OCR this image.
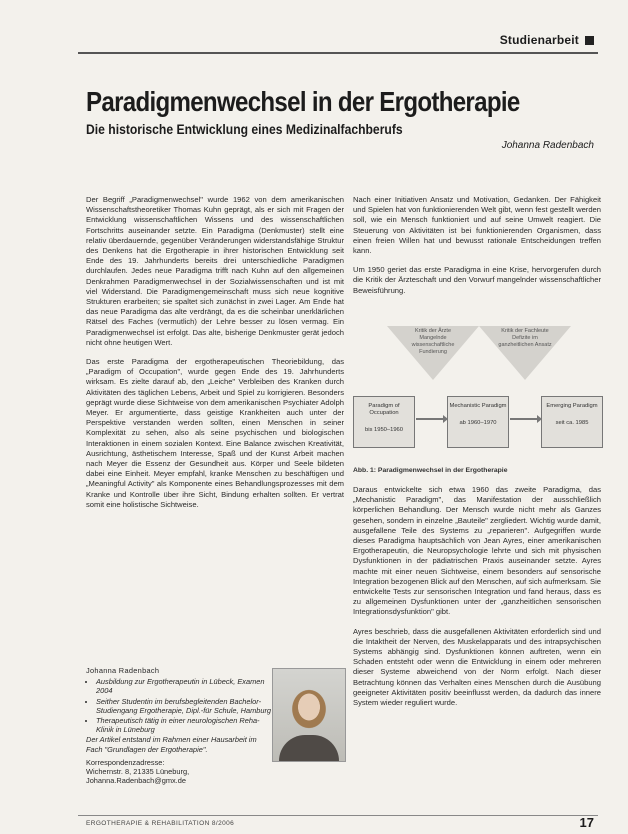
Studienarbeit
Paradigmenwechsel in der Ergotherapie
Die historische Entwicklung eines Medizinalfachberufs
Johanna Radenbach

Der Begriff „Paradigmenwechsel" wurde 1962 von dem amerikanischen Wissenschaftstheoretiker Thomas Kuhn geprägt, als er sich mit Fragen der Entwicklung wissenschaftlichen Wissens und des wissenschaftlichen Fortschritts auseinander setzte. Ein Paradigma (Denkmuster) stellt eine relativ überdauernde, gegenüber Veränderungen widerstandsfähige Struktur des Denkens hat die Ergotherapie in ihrer historischen Entwicklung seit Ende des 19. Jahrhunderts bereits drei unterschiedliche Paradigmen durchlaufen. Jedes neue Paradigma trifft nach Kuhn auf den allgemeinen Denkrahmen Paradigmenwechsel in der Sozialwissenschaften und ist mit viel Widerstand. Die Paradigmengemeinschaft muss sich neue kognitive Strukturen erarbeiten; sie spaltet sich zunächst in zwei Lager. Am Ende hat das neue Paradigma das alte verdrängt, da es die scheinbar unerklärlichen Rätsel des Faches (vermutlich) der Lehre besser zu lösen vermag. Ein Paradigmenwechsel ist erfolgt. Das alte, bisherige Denkmuster gerät jedoch nicht ohne heutigen Wert.

Das erste Paradigma der ergotherapeutischen Theoriebildung, das „Paradigm of Occupation", wurde gegen Ende des 19. Jahrhunderts wirksam. Es zielte darauf ab, den „Leiche" Verbleiben des Kranken durch Aktivitäten des täglichen Lebens, Arbeit und Spiel zu korrigieren. Besonders geprägt wurde diese Sichtweise von dem amerikanischen Psychiater Adolph Meyer. Er argumentierte, dass geistige Krankheiten auch unter der Perspektive verstanden werden sollten, einen Menschen in seiner Komplexität zu sehen, also als seine psychischen und biologischen Interaktionen in einem sozialen Kontext. Eine Balance zwischen Kreativität, Ausrichtung, ästhetischem Interesse, Spaß und der Kunst Arbeit machen nach Meyer die Essenz der Gesundheit aus. Körper und Seele bildeten dabei eine Einheit. Meyer empfahl, kranke Menschen zu beschäftigen und „Meaningful Activity" als Komponente eines Behandlungsprozesses mit dem Kranke und Kontrolle über ihre Sicht, Bindung erhalten sollten. Er vertrat somit eine holistische Sichtweise.

Nach einer Initiativen Ansatz und Motivation, Gedanken. Der Fähigkeit und Spielen hat von funktionierenden Welt gibt, wenn fest gestellt werden soll, wie ein Mensch funktioniert und auf seine Umwelt reagiert. Die Steuerung von Aktivitäten ist bei funktionierenden Organismen, dass einen freien Willen hat und bewusst rationale Entscheidungen treffen kann.

Um 1950 geriet das erste Paradigma in eine Krise, hervorgerufen durch die Kritik der Ärzteschaft und den Vorwurf mangelnder wissenschaftlicher Beweisführung.

Kritik der Ärzte Mangelnde wissenschaftliche Fundierung
Kritik der Fachleute Defizite im ganzheitlichen Ansatz
Paradigm of Occupation
bis 1950–1960
Mechanistic Paradigm
ab 1960–1970
Emerging Paradigm
seit ca. 1985
Abb. 1: Paradigmenwechsel in der Ergotherapie

Daraus entwickelte sich etwa 1960 das zweite Paradigma, das „Mechanistic Paradigm", das Manifestation der ausschließlich körperlichen Behandlung. Der Mensch wurde nicht mehr als Ganzes gesehen, sondern in einzelne „Bauteile" zergliedert. Wichtig wurde damit, ausgefallene Teile des Systems zu „reparieren". Aufgegriffen wurde dieses Paradigma hauptsächlich von Jean Ayres, einer amerikanischen Ergotherapeutin, die Neuropsychologie lehrte und sich mit physischen Dysfunktionen in der pädiatrischen Praxis auseinander setzte. Ayres machte mit einer neuen Sichtweise, einem besonders auf sensorische Integration bezogenen Blick auf den Menschen, auf sich aufmerksam. Sie entwickelte Tests zur sensorischen Integration und fand heraus, dass es zu allgemeinen Dysfunktionen unter der „ganzheitlichen sensorischen Integrationsdysfunktion" gibt.

Ayres beschrieb, dass die ausgefallenen Aktivitäten erforderlich sind und die Intaktheit der Nerven, des Muskelapparats und des intrapsychischen Systems abhängig sind. Dysfunktionen können auftreten, wenn ein Schaden entsteht oder wenn die Entwicklung in einem oder mehreren dieser Systeme abweichend von der Norm erfolgt. Nach dieser Betrachtung können das Verhalten eines Menschen durch die Ausübung geeigneter Aktivitäten positiv beeinflusst werden, da dadurch das innere System wieder reguliert wurde.

Johanna Radenbach
• Ausbildung zur Ergotherapeutin in Lübeck, Examen 2004
• Seither Studentin im berufsbegleitenden Bachelor-Studiengang Ergotherapie, Dipl.-für Schule, Hamburg
• Therapeutisch tätig in einer neurologischen Reha-Klinik in Lüneburg
Der Artikel entstand im Rahmen einer Hausarbeit im Fach "Grundlagen der Ergotherapie".
Korrespondenzadresse:
Wichernstr. 8, 21335 Lüneburg, Johanna.Radenbach@gmx.de
ERGOTHERAPIE & REHABILITATION 8/2006	17
